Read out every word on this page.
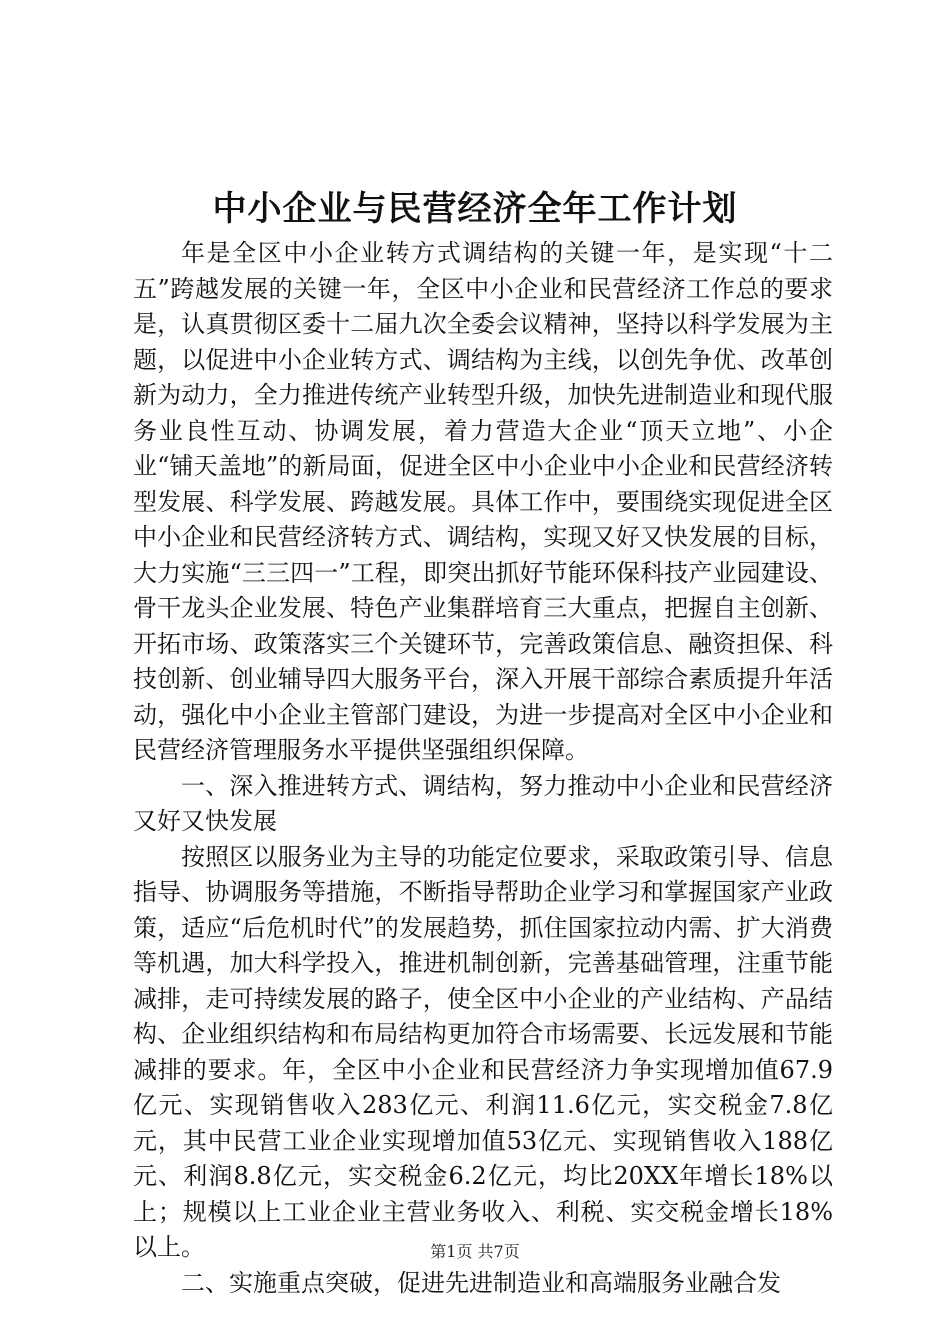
中小企业与民营经济全年工作计划

年是全区中小企业转方式调结构的关键一年，是实现“十二五”跨越发展的关键一年，全区中小企业和民营经济工作总的要求是，认真贯彻区委十二届九次全委会议精神，坚持以科学发展为主题，以促进中小企业转方式、调结构为主线，以创先争优、改革创新为动力，全力推进传统产业转型升级，加快先进制造业和现代服务业良性互动、协调发展，着力营造大企业“顶天立地”、小企业“铺天盖地”的新局面，促进全区中小企业中小企业和民营经济转型发展、科学发展、跨越发展。具体工作中，要围绕实现促进全区中小企业和民营经济转方式、调结构，实现又好又快发展的目标，大力实施“三三四一”工程，即突出抓好节能环保科技产业园建设、骨干龙头企业发展、特色产业集群培育三大重点，把握自主创新、开拓市场、政策落实三个关键环节，完善政策信息、融资担保、科技创新、创业辅导四大服务平台，深入开展干部综合素质提升年活动，强化中小企业主管部门建设，为进一步提高对全区中小企业和民营经济管理服务水平提供坚强组织保障。

一、深入推进转方式、调结构，努力推动中小企业和民营经济又好又快发展

按照区以服务业为主导的功能定位要求，采取政策引导、信息指导、协调服务等措施，不断指导帮助企业学习和掌握国家产业政策，适应“后危机时代”的发展趋势，抓住国家拉动内需、扩大消费等机遇，加大科学投入，推进机制创新，完善基础管理，注重节能减排，走可持续发展的路子，使全区中小企业的产业结构、产品结构、企业组织结构和布局结构更加符合市场需要、长远发展和节能减排的要求。年，全区中小企业和民营经济力争实现增加值67.9亿元、实现销售收入283亿元、利润11.6亿元，实交税金7.8亿元，其中民营工业企业实现增加值53亿元、实现销售收入188亿元、利润8.8亿元，实交税金6.2亿元，均比20XX年增长18%以上；规模以上工业企业主营业务收入、利税、实交税金增长18%以上。

二、实施重点突破，促进先进制造业和高端服务业融合发

第1页 共7页
